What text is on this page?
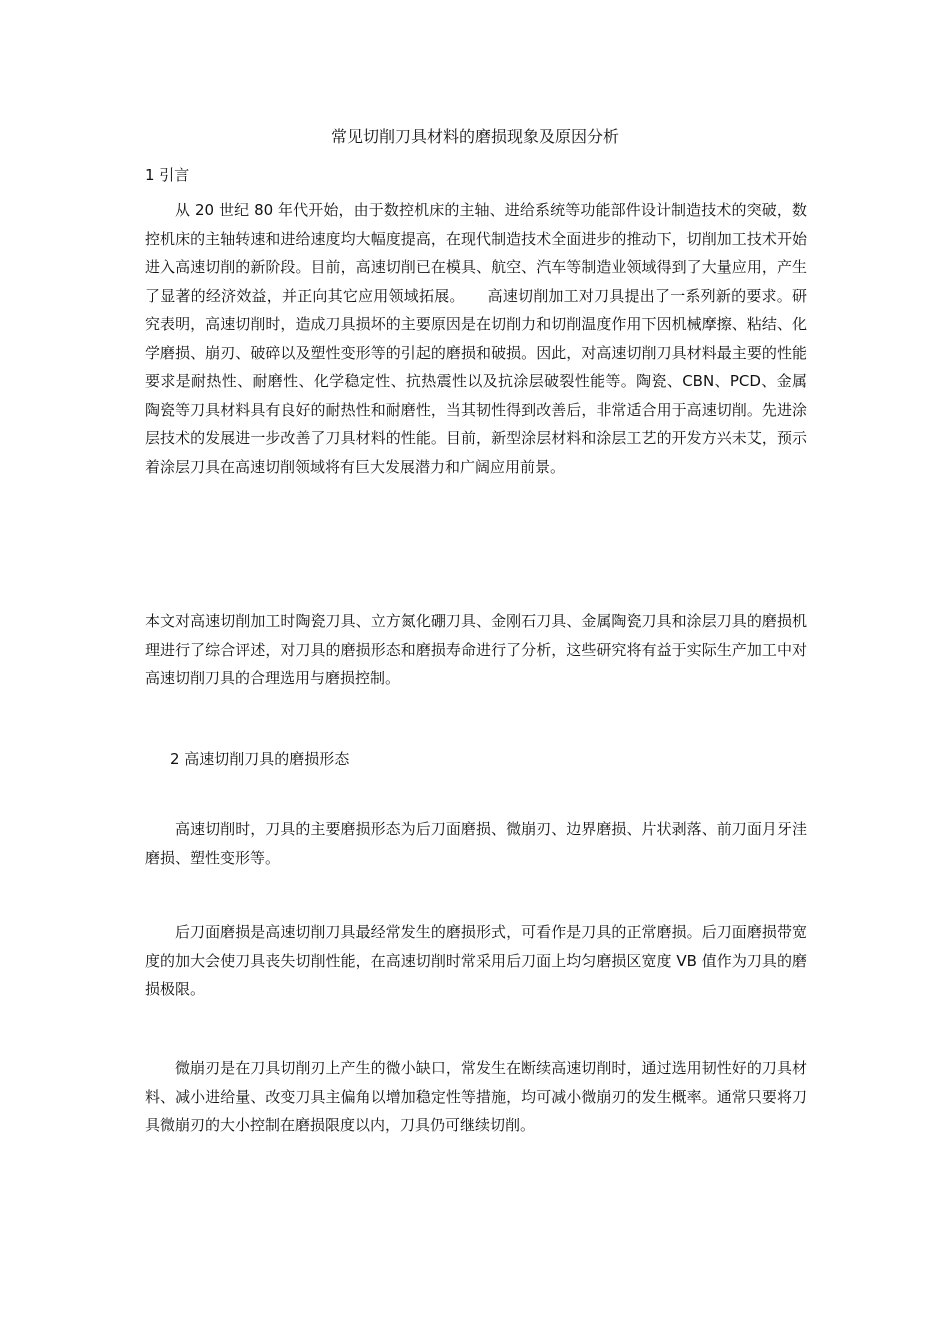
常见切削刀具材料的磨损现象及原因分析
1 引言

从 20 世纪 80 年代开始，由于数控机床的主轴、进给系统等功能部件设计制造技术的突破，数控机床的主轴转速和进给速度均大幅度提高，在现代制造技术全面进步的推动下，切削加工技术开始进入高速切削的新阶段。目前，高速切削已在模具、航空、汽车等制造业领域得到了大量应用，产生了显著的经济效益，并正向其它应用领域拓展。　　高速切削加工对刀具提出了一系列新的要求。研究表明，高速切削时，造成刀具损坏的主要原因是在切削力和切削温度作用下因机械摩擦、粘结、化学磨损、崩刃、破碎以及塑性变形等的引起的磨损和破损。因此，对高速切削刀具材料最主要的性能要求是耐热性、耐磨性、化学稳定性、抗热震性以及抗涂层破裂性能等。陶瓷、CBN、PCD、金属陶瓷等刀具材料具有良好的耐热性和耐磨性，当其韧性得到改善后，非常适合用于高速切削。先进涂层技术的发展进一步改善了刀具材料的性能。目前，新型涂层材料和涂层工艺的开发方兴未艾，预示着涂层刀具在高速切削领域将有巨大发展潜力和广阔应用前景。

本文对高速切削加工时陶瓷刀具、立方氮化硼刀具、金刚石刀具、金属陶瓷刀具和涂层刀具的磨损机理进行了综合评述，对刀具的磨损形态和磨损寿命进行了分析，这些研究将有益于实际生产加工中对高速切削刀具的合理选用与磨损控制。

2 高速切削刀具的磨损形态

高速切削时，刀具的主要磨损形态为后刀面磨损、微崩刃、边界磨损、片状剥落、前刀面月牙洼磨损、塑性变形等。

后刀面磨损是高速切削刀具最经常发生的磨损形式，可看作是刀具的正常磨损。后刀面磨损带宽度的加大会使刀具丧失切削性能，在高速切削时常采用后刀面上均匀磨损区宽度 VB 值作为刀具的磨损极限。

微崩刃是在刀具切削刃上产生的微小缺口，常发生在断续高速切削时，通过选用韧性好的刀具材料、减小进给量、改变刀具主偏角以增加稳定性等措施，均可减小微崩刃的发生概率。通常只要将刀具微崩刃的大小控制在磨损限度以内，刀具仍可继续切削。
